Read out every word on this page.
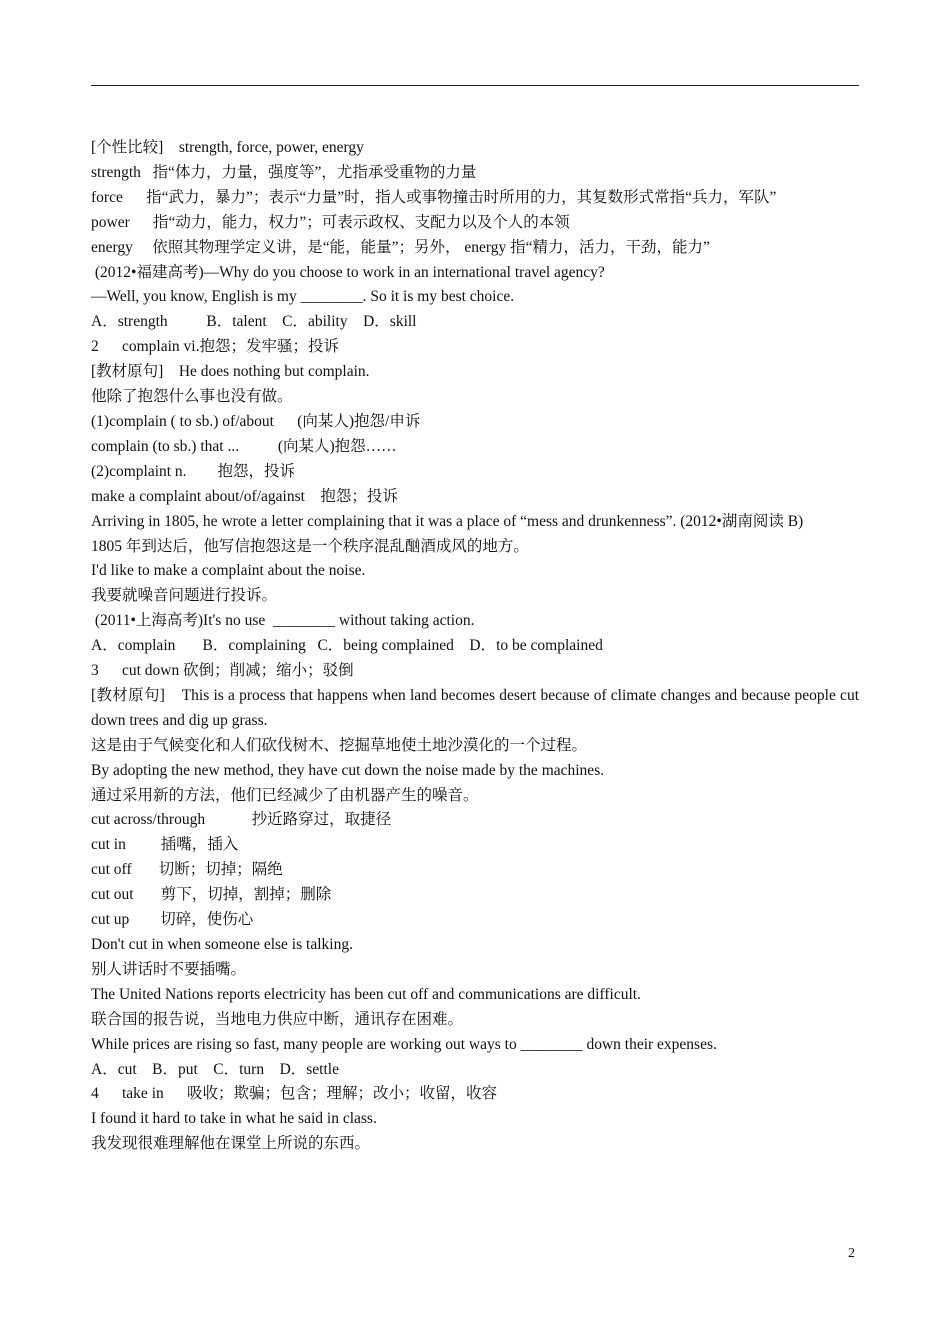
[个性比较]    strength, force, power, energy

strength   指“体力，力量，强度等”，尤指承受重物的力量

force      指“武力，暴力”；表示“力量”时，指人或事物撞击时所用的力，其复数形式常指“兵力，军队”

power      指“动力，能力，权力”；可表示政权、支配力以及个人的本领

energy     依照其物理学定义讲，是“能，能量”；另外， energy 指“精力，活力，干劲，能力”

(2012•福建高考)—Why do you choose to work in an international travel agency?

—Well, you know, English is my ________. So it is my best choice.

A．strength          B．talent    C．ability    D．skill

2      complain vi.抱怨；发牢骚；投诉

[教材原句]    He does nothing but complain.

他除了抱怨什么事也没有做。

(1)complain ( to sb.) of/about      (向某人)抱怨/申诉

complain (to sb.) that ...          (向某人)抱怨……

(2)complaint n.        抱怨，投诉

make a complaint about/of/against    抱怨；投诉

Arriving in 1805, he wrote a letter complaining that it was a place of “mess and drunkenness”. (2012•湖南阅读 B)

1805 年到达后，他写信抱怨这是一个秩序混乱酗酒成风的地方。

I'd like to make a complaint about the noise.

我要就噪音问题进行投诉。

(2011•上海高考)It's no use  ________ without taking action.

A．complain       B．complaining   C．being complained    D．to be complained

3      cut down 砍倒；削减；缩小；驳倒

[教材原句]    This is a process that happens when land becomes desert because of climate changes and because people cut down trees and dig up grass.

这是由于气候变化和人们砍伐树木、挖掘草地使土地沙漠化的一个过程。

By adopting the new method, they have cut down the noise made by the machines.

通过采用新的方法，他们已经减少了由机器产生的噪音。

cut across/through            抄近路穿过，取捷径

cut in         插嘴，插入

cut off       切断；切掉；隔绝

cut out       剪下，切掉，割掉；删除

cut up        切碎，使伤心

Don't cut in when someone else is talking.

别人讲话时不要插嘴。

The United Nations reports electricity has been cut off and communications are difficult.

联合国的报告说，当地电力供应中断，通讯存在困难。

While prices are rising so fast, many people are working out ways to ________ down their expenses.

A．cut    B．put    C．turn    D．settle

4      take in      吸收；欺骗；包含；理解；改小；收留，收容

I found it hard to take in what he said in class.

我发现很难理解他在课堂上所说的东西。

2
